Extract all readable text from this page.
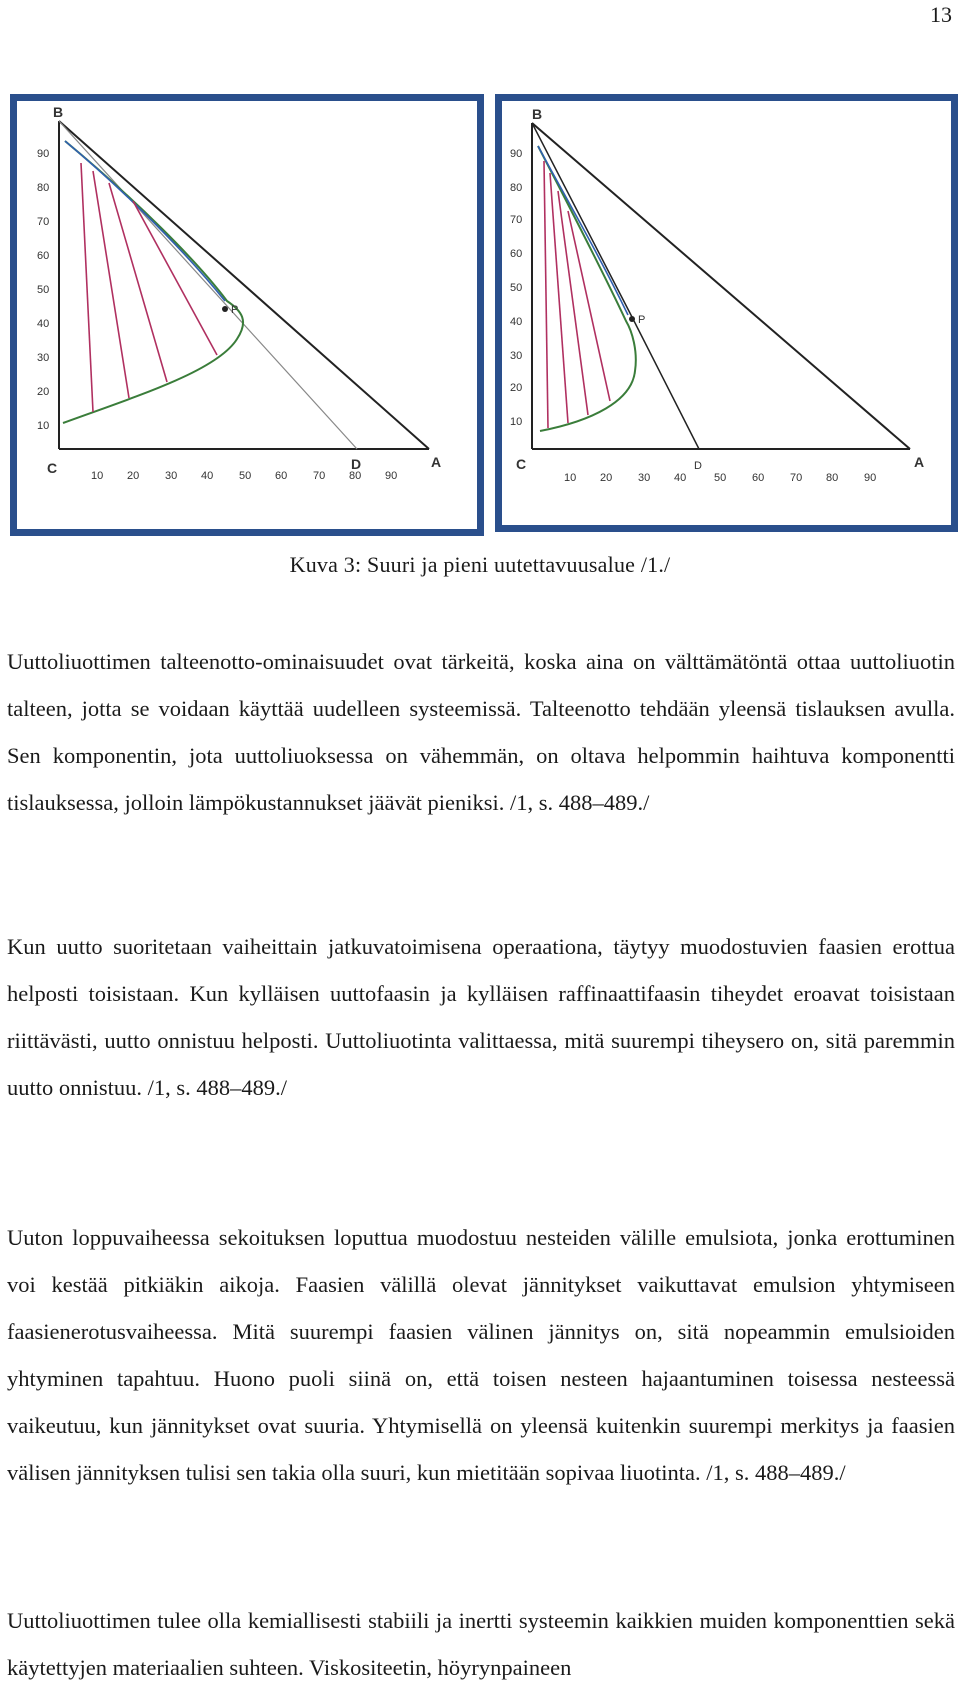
13
B
C	A
D
P
90
80
70
60
50
40
30
20
10
10 20 30 40 50 60 70 80 90
B
C	A
D
P
90
80
70
60
50
40
30
20
10
10 20 30 40	50 60 70 80 90
Kuva 3: Suuri ja pieni uutettavuusalue /1./

Uuttoliuottimen talteenotto-ominaisuudet ovat tärkeitä, koska aina on välttämätöntä ottaa uuttoliuotin talteen, jotta se voidaan käyttää uudelleen systeemissä. Talteenotto tehdään yleensä tislauksen avulla. Sen komponentin, jota uuttoliuoksessa on vähemmän, on oltava helpommin haihtuva komponentti tislauksessa, jolloin lämpökustannukset jäävät pieniksi. /1, s. 488–489./

Kun uutto suoritetaan vaiheittain jatkuvatoimisena operaationa, täytyy muodostuvien faasien erottua helposti toisistaan. Kun kylläisen uuttofaasin ja kylläisen raffinaattifaasin tiheydet eroavat toisistaan riittävästi, uutto onnistuu helposti. Uuttoliuotinta valittaessa, mitä suurempi tiheysero on, sitä paremmin uutto onnistuu. /1, s. 488–489./

Uuton loppuvaiheessa sekoituksen loputtua muodostuu nesteiden välille emulsiota, jonka erottuminen voi kestää pitkiäkin aikoja. Faasien välillä olevat jännitykset vaikuttavat emulsion yhtymiseen faasienerotusvaiheessa. Mitä suurempi faasien välinen jännitys on, sitä nopeammin emulsioiden yhtyminen tapahtuu. Huono puoli siinä on, että toisen nesteen hajaantuminen toisessa nesteessä vaikeutuu, kun jännitykset ovat suuria. Yhtymisellä on yleensä kuitenkin suurempi merkitys ja faasien välisen jännityksen tulisi sen takia olla suuri, kun mietitään sopivaa liuotinta. /1, s. 488–489./

Uuttoliuottimen tulee olla kemiallisesti stabiili ja inertti systeemin kaikkien muiden komponenttien sekä käytettyjen materiaalien suhteen. Viskositeetin, höyrynpaineen
